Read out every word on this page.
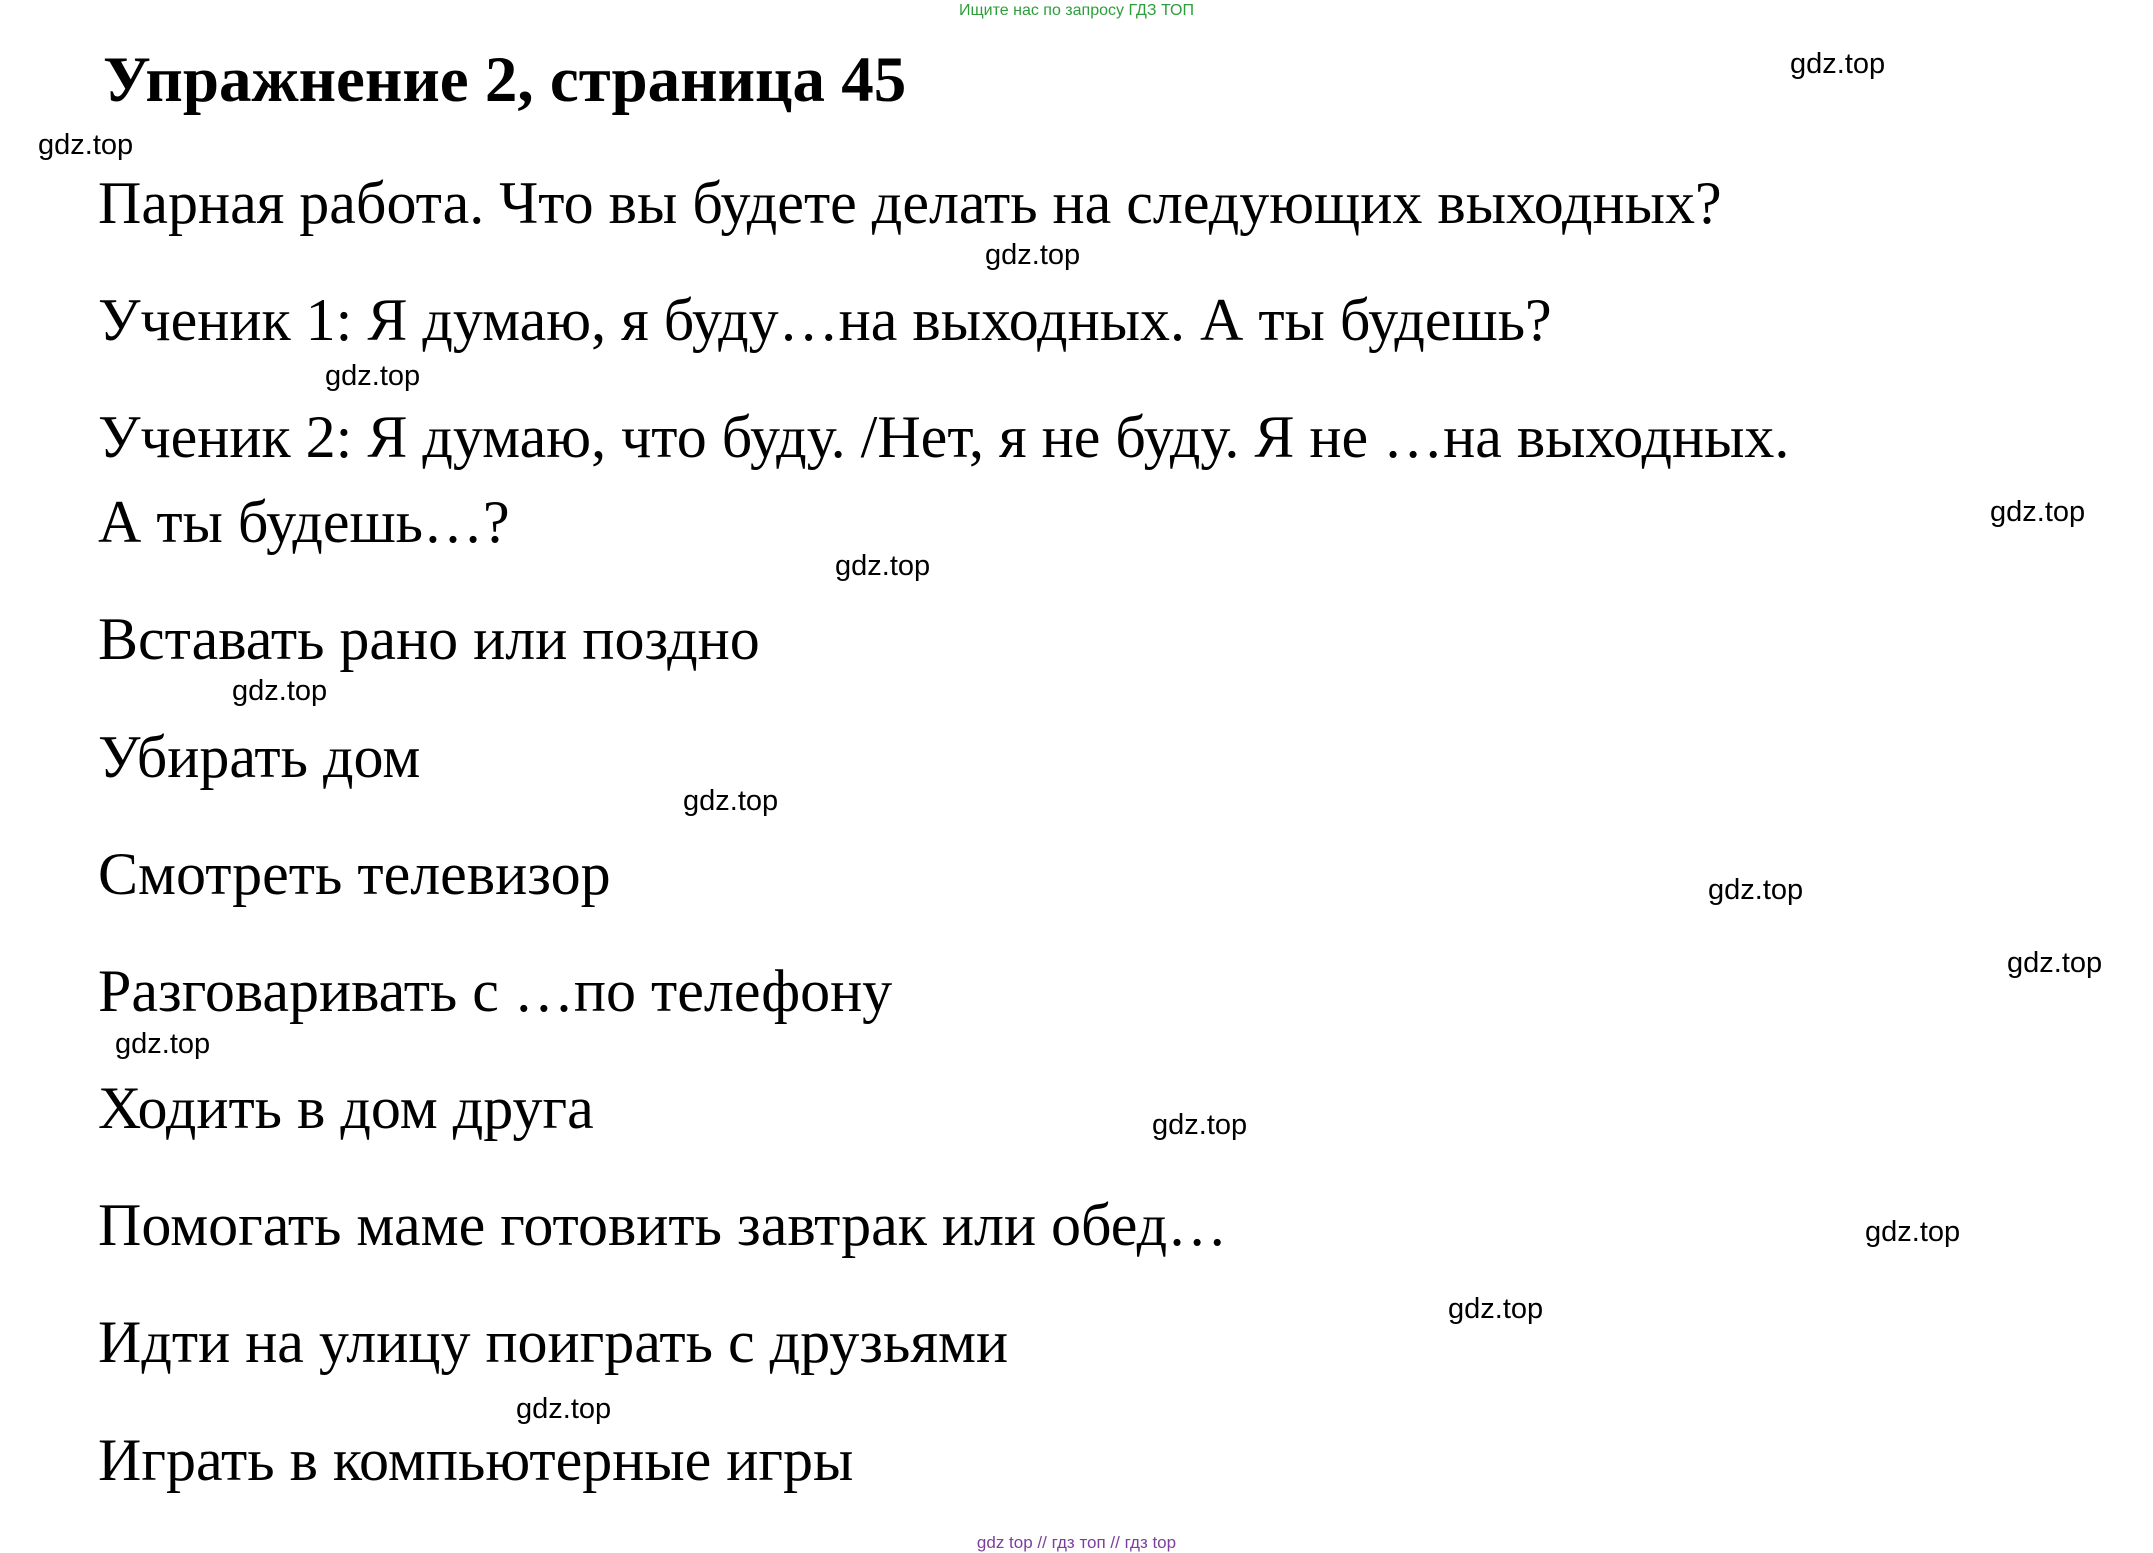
Ищите нас по запросу ГДЗ ТОП
Упражнение 2, страница 45
Парная работа. Что вы будете делать на следующих выходных?
Ученик 1: Я думаю, я буду…на выходных. А ты будешь?
Ученик 2: Я думаю, что буду. /Нет, я не буду. Я не …на выходных.
А ты будешь…?
Вставать рано или поздно
Убирать дом
Смотреть телевизор
Разговаривать с …по телефону
Ходить в дом друга
Помогать маме готовить завтрак или обед…
Идти на улицу поиграть с друзьями
Играть в компьютерные игры
gdz.top
gdz.top
gdz.top
gdz.top
gdz.top
gdz.top
gdz.top
gdz.top
gdz.top
gdz.top
gdz.top
gdz.top
gdz.top
gdz.top
gdz.top
gdz top // гдз топ // гдз top
